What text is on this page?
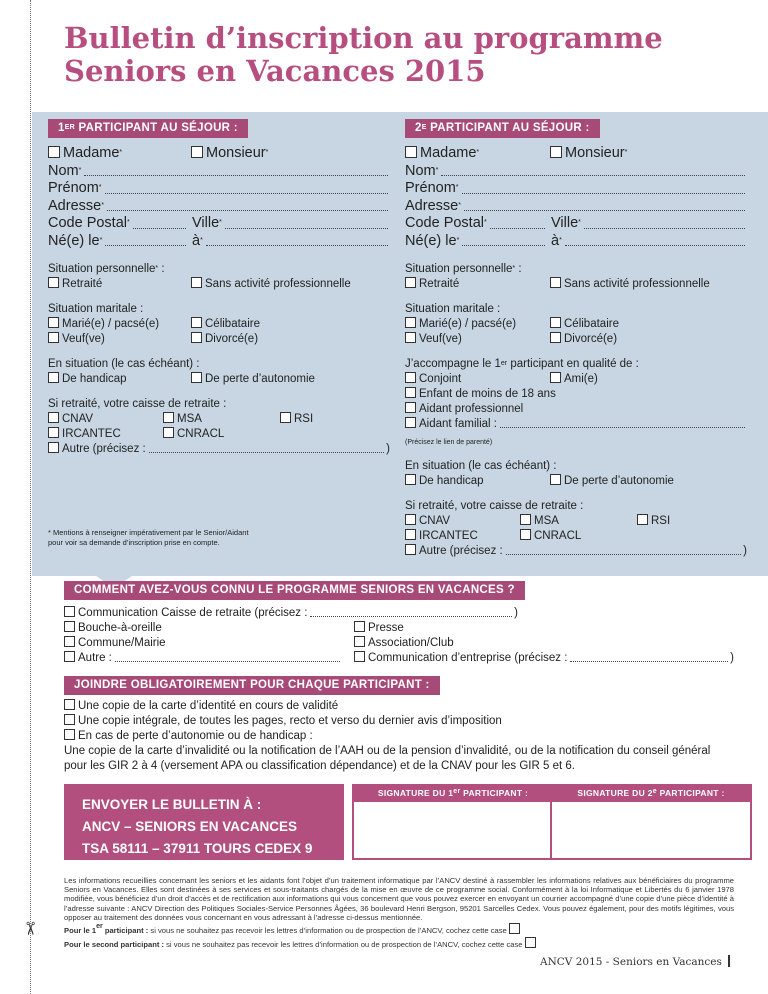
✂
Bulletin d’inscription au programme
Seniors en Vacances 2015
1ER PARTICIPANT AU SÉJOUR :	$2^E$ PARTICIPANT AU SÉJOUR :
Madame*	Monsieur*
Nom*
Prénom*
Adresse*
Code Postal*	Ville*
Né(e) le*	à*
Situation personnelle* :
Retraité	Sans activité professionnelle
Situation maritale :
Marié(e) / pacsé(e)	Célibataire
Veuf(ve)	Divorcé(e)
En situation (le cas échéant) :
De handicap	De perte d’autonomie
Si retraité, votre caisse de retraite :
CNAV	MSA	RSI
IRCANTEC	CNRACL
Autre (précisez :	)
Madame*	Monsieur*
Nom*
Prénom*
Adresse*
Code Postal*	Ville*
Né(e) le*	à*
Situation personnelle* :
Retraité	Sans activité professionnelle
Situation maritale :
Marié(e) / pacsé(e)	Célibataire
Veuf(ve)	Divorcé(e)
J’accompagne le 1er participant en qualité de :
Conjoint	Ami(e)
Enfant de moins de 18 ans
Aidant professionnel
Aidant familial :
(Précisez le lien de parenté)
En situation (le cas échéant) :
De handicap	De perte d’autonomie
Si retraité, votre caisse de retraite :
CNAV	MSA	RSI
IRCANTEC	CNRACL
Autre (précisez :	)
* Mentions à renseigner impérativement par le Senior/Aidant
pour voir sa demande d’inscription prise en compte.
COMMENT AVEZ-VOUS CONNU LE PROGRAMME SENIORS EN VACANCES ?
Communication Caisse de retraite (précisez :	)
Bouche-à-oreille	Presse
Commune/Mairie	Association/Club
Autre :	Communication d’entreprise (précisez :	)
JOINDRE OBLIGATOIREMENT POUR CHAQUE PARTICIPANT :
Une copie de la carte d’identité en cours de validité
Une copie intégrale, de toutes les pages, recto et verso du dernier avis d’imposition
En cas de perte d’autonomie ou de handicap :
Une copie de la carte d’invalidité ou la notification de l’AAH ou de la pension d’invalidité, ou de la notification du conseil général
pour les GIR 2 à 4 (versement APA ou classification dépendance) et de la CNAV pour les GIR 5 et 6.
ENVOYER LE BULLETIN À :
ANCV – SENIORS EN VACANCES
TSA 58111 – 37911 TOURS CEDEX 9
SIGNATURE DU 1er PARTICIPANT :	SIGNATURE DU 2e PARTICIPANT :
Les informations recueillies concernant les seniors et les aidants font l’objet d’un traitement informatique par l’ANCV destiné à rassembler les informations relatives aux bénéficiaires du programme Seniors en Vacances. Elles sont destinées à ses services et sous-traitants chargés de la mise en œuvre de ce programme social. Conformément à la loi Informatique et Libertés du 6 janvier 1978 modifiée, vous bénéficiez d’un droit d’accès et de rectification aux informations qui vous concernent que vous pouvez exercer en envoyant un courrier accompagné d’une copie d’une pièce d’identité à l’adresse suivante : ANCV Direction des Politiques Sociales-Service Personnes Âgées, 36 boulevard Henri Bergson, 95201 Sarcelles Cedex. Vous pouvez également, pour des motifs légitimes, vous opposer au traitement des données vous concernant en vous adressant à l’adresse ci-dessus mentionnée.
Pour le 1er participant : si vous ne souhaitez pas recevoir les lettres d’information ou de prospection de l’ANCV, cochez cette case
Pour le second participant : si vous ne souhaitez pas recevoir les lettres d’information ou de prospection de l’ANCV, cochez cette case
ANCV 2015 - Seniors en Vacances
